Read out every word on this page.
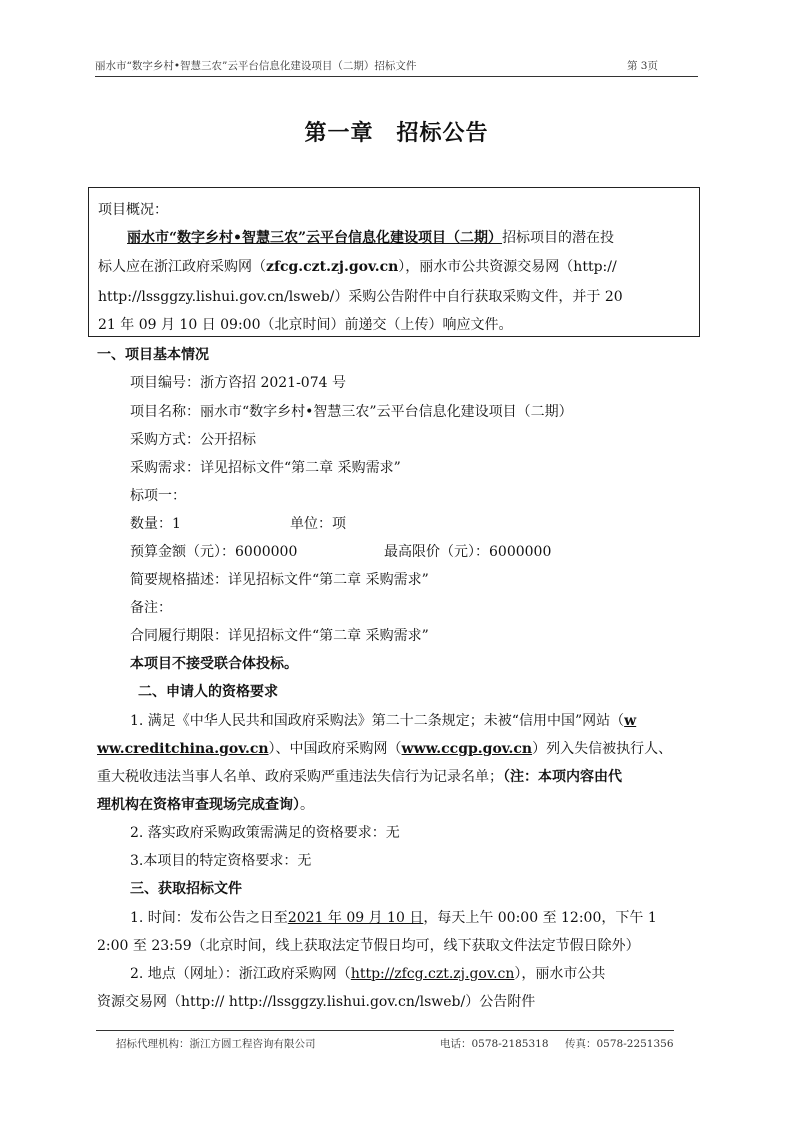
丽水市“数字乡村•智慧三农”云平台信息化建设项目（二期）招标文件	第 3页
第一章　招标公告
项目概况：
丽水市“数字乡村•智慧三农”云平台信息化建设项目（二期）招标项目的潜在投
标人应在浙江政府采购网（zfcg.czt.zj.gov.cn），丽水市公共资源交易网（http://
http://lssggzy.lishui.gov.cn/lsweb/）采购公告附件中自行获取采购文件，并于 20
21 年 09 月 10 日 09:00（北京时间）前递交（上传）响应文件。
一、项目基本情况
项目编号：浙方咨招 2021-074 号
项目名称：丽水市“数字乡村•智慧三农”云平台信息化建设项目（二期）
采购方式：公开招标
采购需求：详见招标文件“第二章 采购需求”
标项一：
数量：1	单位：项
预算金额（元）：6000000	最高限价（元）：6000000
简要规格描述：详见招标文件“第二章 采购需求”
备注：
合同履行期限：详见招标文件“第二章 采购需求”
本项目不接受联合体投标。
二、申请人的资格要求
1. 满足《中华人民共和国政府采购法》第二十二条规定；未被“信用中国”网站（w
ww.creditchina.gov.cn）、中国政府采购网（www.ccgp.gov.cn）列入失信被执行人、
重大税收违法当事人名单、政府采购严重违法失信行为记录名单；（注：本项内容由代
理机构在资格审查现场完成查询）。
2. 落实政府采购政策需满足的资格要求：无
3.本项目的特定资格要求：无
三、获取招标文件
1. 时间：发布公告之日至2021 年 09 月 10 日，每天上午 00:00 至 12:00，下午 1
2:00 至 23:59（北京时间，线上获取法定节假日均可，线下获取文件法定节假日除外）
2. 地点（网址）：浙江政府采购网（http://zfcg.czt.zj.gov.cn），丽水市公共
资源交易网（http:// http://lssggzy.lishui.gov.cn/lsweb/）公告附件
招标代理机构：浙江方圆工程咨询有限公司	电话：0578-2185318 传真：0578-2251356
